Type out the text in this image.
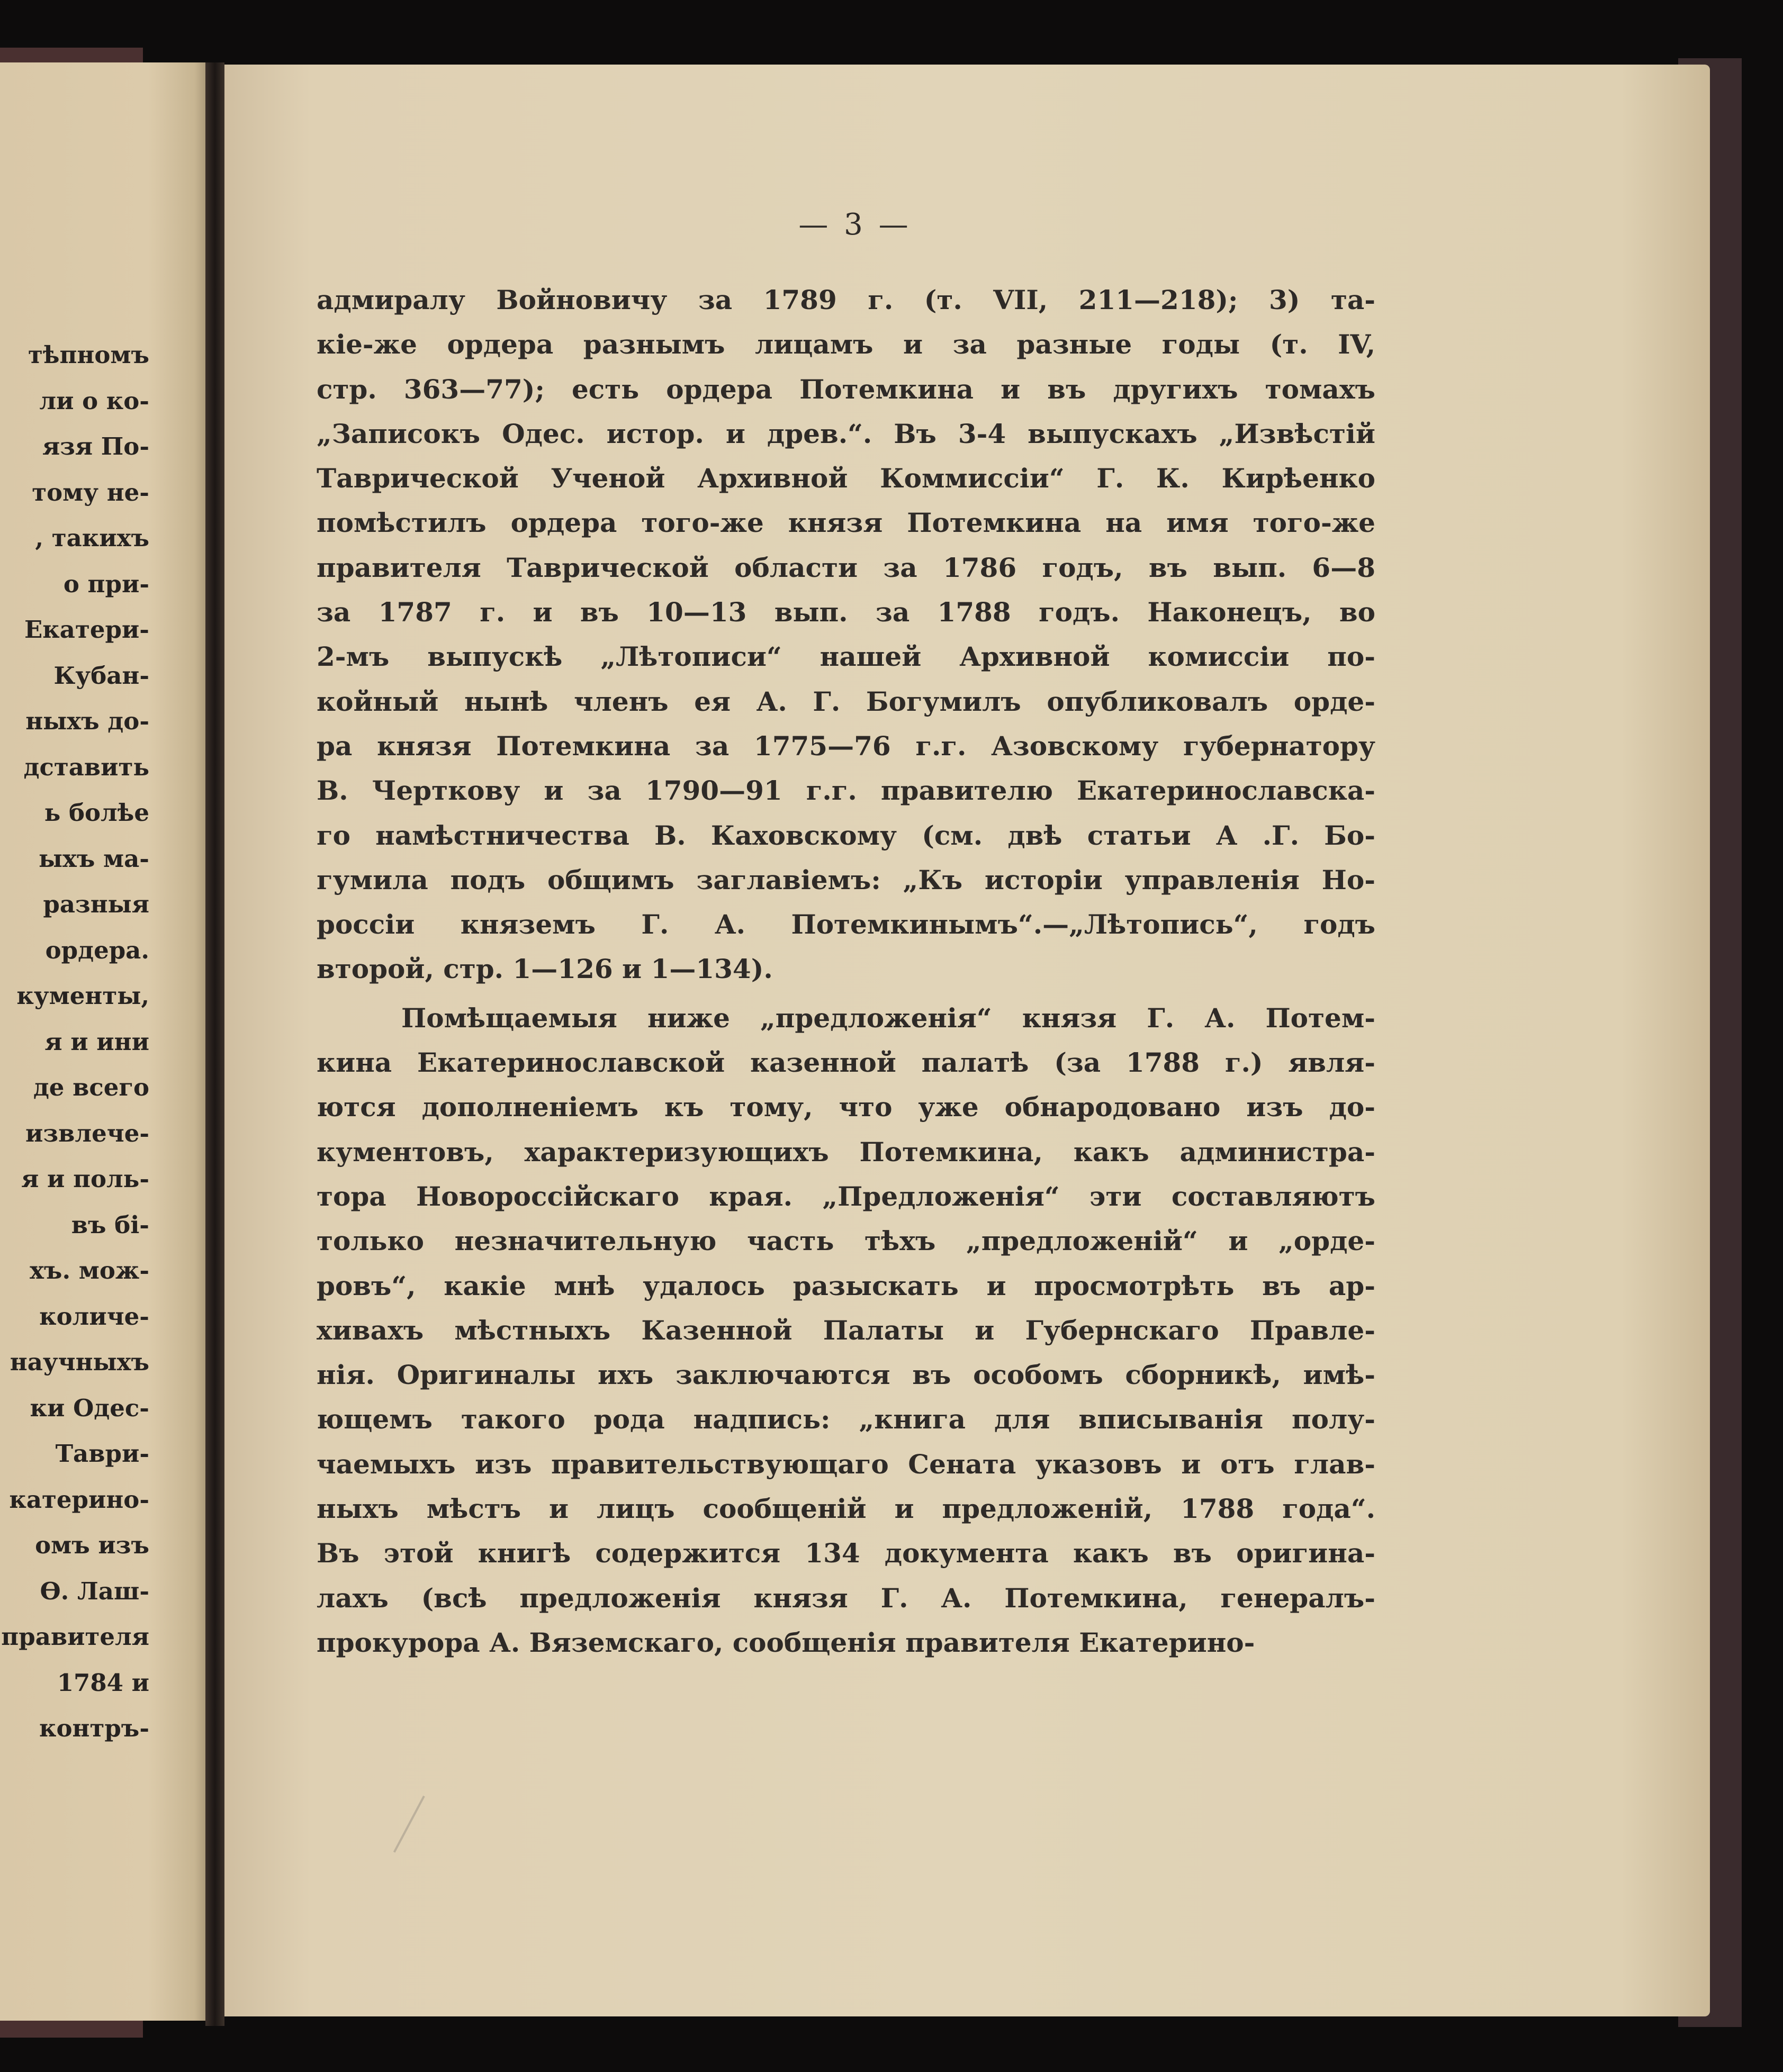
тѣпномъ
ли о ко-
язя По-
тому не-
, такихъ
о при-
Екатери-
Кубан-
ныхъ до-
дставить
ь болѣе
ыхъ ма-
разныя
ордера.
кументы,
я и ини
де всего
извлече-
я и поль-
въ бі-
хъ. мож-
количе-
научныхъ
ки Одес-
Таври-
катерино-
омъ изъ
Ѳ. Лаш-
правителя
1784 и
контръ-
— 3 —
адмиралу Войновичу за 1789 г. (т. VII, 211—218); 3) та-
кіе-же ордера разнымъ лицамъ и за разные годы (т. IV,
стр. 363—77); есть ордера Потемкина и въ другихъ томахъ
„Записокъ Одес. истор. и древ.“. Въ 3-4 выпускахъ „Извѣстій
Таврической Ученой Архивной Коммиссіи“ Г. К. Кирѣенко
помѣстилъ ордера того-же князя Потемкина на имя того-же
правителя Таврической области за 1786 годъ, въ вып. 6—8
за 1787 г. и въ 10—13 вып. за 1788 годъ. Наконецъ, во
2-мъ выпускѣ „Лѣтописи“ нашей Архивной комиссіи по-
койный нынѣ членъ ея А. Г. Богумилъ опубликовалъ орде-
ра князя Потемкина за 1775—76 г.г. Азовскому губернатору
В. Черткову и за 1790—91 г.г. правителю Екатеринославска-
го намѣстничества В. Каховскому (см. двѣ статьи А .Г. Бо-
гумила подъ общимъ заглавіемъ: „Къ исторіи управленія Но-
россіи княземъ Г. А. Потемкинымъ“.—„Лѣтопись“, годъ
второй, стр. 1—126 и 1—134).
Помѣщаемыя ниже „предложенія“ князя Г. А. Потем-
кина Екатеринославской казенной палатѣ (за 1788 г.) явля-
ются дополненіемъ къ тому, что уже обнародовано изъ до-
кументовъ, характеризующихъ Потемкина, какъ администра-
тора Новороссійскаго края. „Предложенія“ эти составляютъ
только незначительную часть тѣхъ „предложеній“ и „орде-
ровъ“, какіе мнѣ удалось разыскать и просмотрѣть въ ар-
хивахъ мѣстныхъ Казенной Палаты и Губернскаго Правле-
нія. Оригиналы ихъ заключаются въ особомъ сборникѣ, имѣ-
ющемъ такого рода надпись: „книга для вписыванія полу-
чаемыхъ изъ правительствующаго Сената указовъ и отъ глав-
ныхъ мѣстъ и лицъ сообщеній и предложеній, 1788 года“.
Въ этой книгѣ содержится 134 документа какъ въ оригина-
лахъ (всѣ предложенія князя Г. А. Потемкина, генералъ-
прокурора А. Вяземскаго, сообщенія правителя Екатерино-
